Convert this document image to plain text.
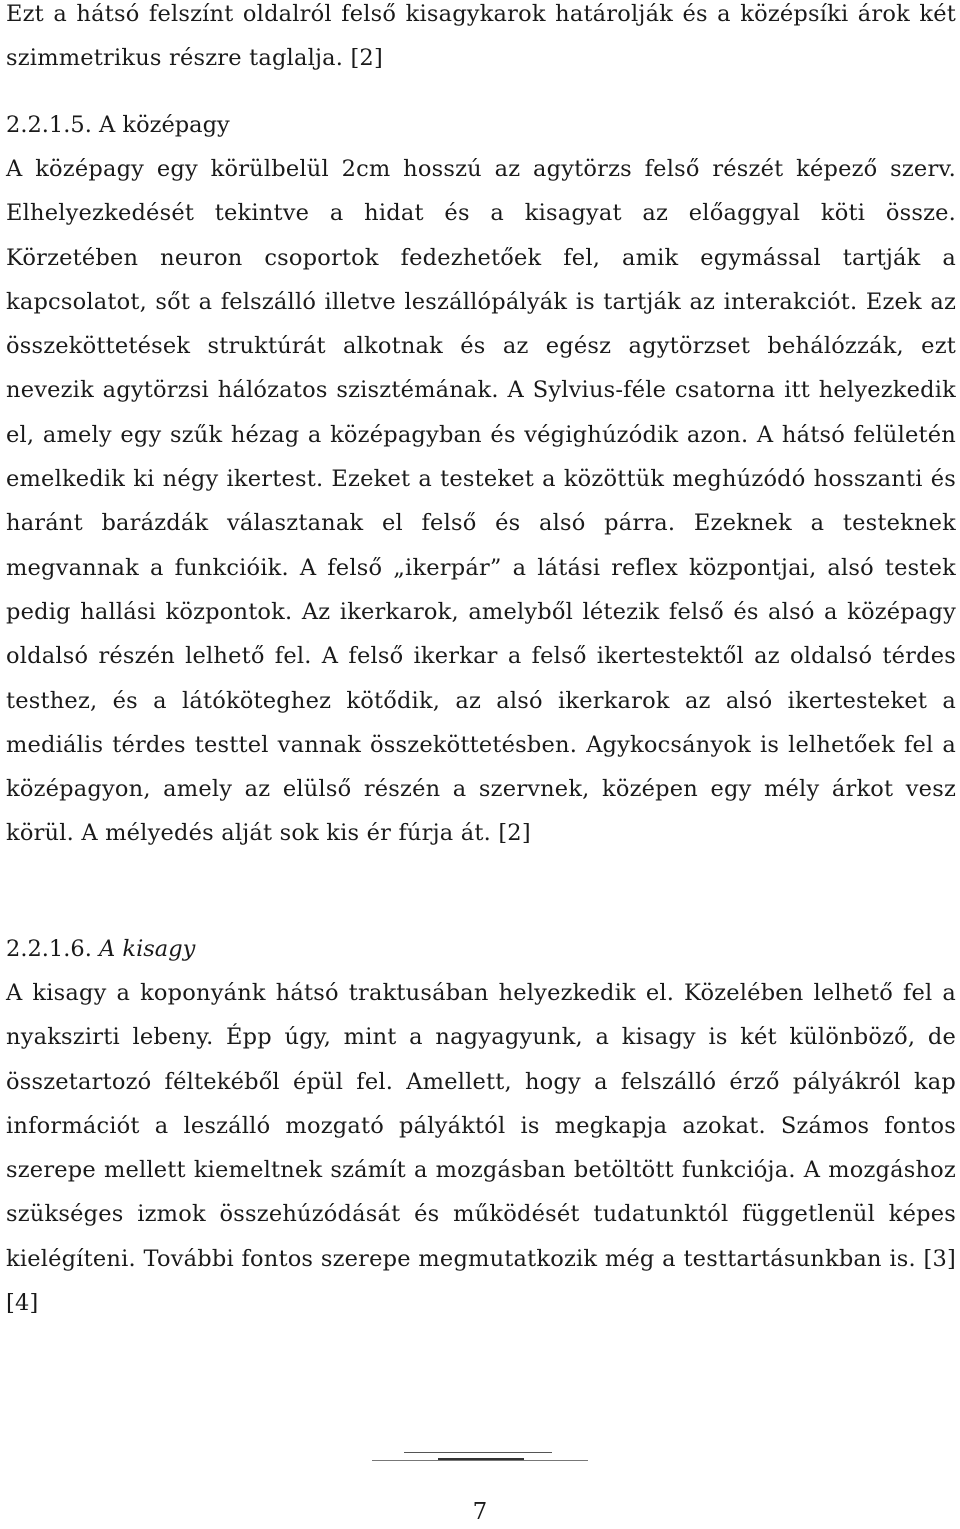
Ezt a hátsó felszínt oldalról felső kisagykarok határolják és a középsíki árok két szimmetrikus részre taglalja. [2]

2.2.1.5. A középagy

A középagy egy körülbelül 2cm hosszú az agytörzs felső részét képező szerv. Elhelyezkedését tekintve a hidat és a kisagyat az előaggyal köti össze. Körzetében neuron csoportok fedezhetőek fel, amik egymással tartják a kapcsolatot, sőt a felszálló illetve leszállópályák is tartják az interakciót. Ezek az összeköttetések struktúrát alkotnak és az egész agytörzset behálózzák, ezt nevezik agytörzsi hálózatos szisztémának. A Sylvius-féle csatorna itt helyezkedik el, amely egy szűk hézag a középagyban és végighúzódik azon. A hátsó felületén emelkedik ki négy ikertest. Ezeket a testeket a közöttük meghúzódó hosszanti és haránt barázdák választanak el felső és alsó párra. Ezeknek a testeknek megvannak a funkcióik. A felső „ikerpár” a látási reflex központjai, alsó testek pedig hallási központok. Az ikerkarok, amelyből létezik felső és alsó a középagy oldalsó részén lelhető fel. A felső ikerkar a felső ikertestektől az oldalsó térdes testhez, és a látóköteghez kötődik, az alsó ikerkarok az alsó ikertesteket a mediális térdes testtel vannak összeköttetésben. Agykocsányok is lelhetőek fel a középagyon, amely az elülső részén a szervnek, középen egy mély árkot vesz körül. A mélyedés alját sok kis ér fúrja át. [2]

2.2.1.6. A kisagy

A kisagy a koponyánk hátsó traktusában helyezkedik el. Közelében lelhető fel a nyakszirti lebeny. Épp úgy, mint a nagyagyunk, a kisagy is két különböző, de összetartozó féltekéből épül fel. Amellett, hogy a felszálló érző pályákról kap információt a leszálló mozgató pályáktól is megkapja azokat. Számos fontos szerepe mellett kiemeltnek számít a mozgásban betöltött funkciója. A mozgáshoz szükséges izmok összehúzódását és működését tudatunktól függetlenül képes kielégíteni. További fontos szerepe megmutatkozik még a testtartásunkban is. [3] [4]

7
